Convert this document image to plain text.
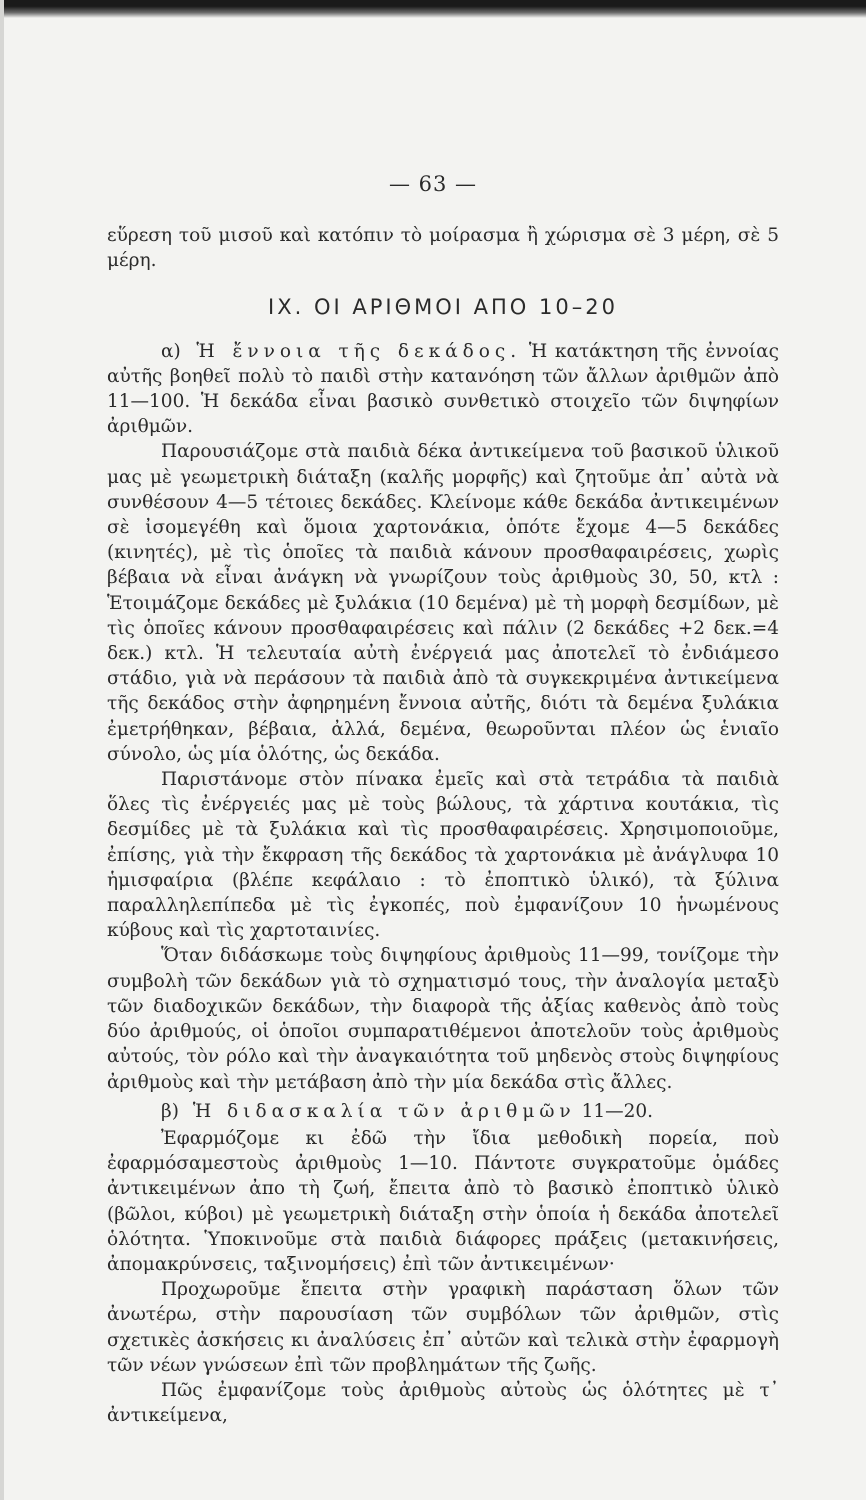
— 63 —

εὕρεση τοῦ μισοῦ καὶ κατόπιν τὸ μοίρασμα ἢ χώρισμα σὲ 3 μέρη, σὲ 5 μέρη.

IX. ΟΙ ΑΡΙΘΜΟΙ ΑΠΟ 10–20

α) Ἡ ἔννοια τῆς δεκάδος. Ἡ κατάκτηση τῆς ἐννοίας αὐτῆς βοηθεῖ πολὺ τὸ παιδὶ στὴν κατανόηση τῶν ἄλλων ἀριθμῶν ἀπὸ 11—100. Ἡ δεκάδα εἶναι βασικὸ συνθετικὸ στοιχεῖο τῶν διψηφίων ἀριθμῶν.

Παρουσιάζομε στὰ παιδιὰ δέκα ἀντικείμενα τοῦ βασικοῦ ὑλικοῦ μας μὲ γεωμετρικὴ διάταξη (καλῆς μορφῆς) καὶ ζητοῦμε ἀπ᾽ αὐτὰ νὰ συνθέσουν 4—5 τέτοιες δεκάδες. Κλείνομε κάθε δεκάδα ἀντικειμένων σὲ ἰσομεγέθη καὶ ὅμοια χαρτονάκια, ὁπότε ἔχομε 4—5 δεκάδες (κινητές), μὲ τὶς ὁποῖες τὰ παιδιὰ κάνουν προσθαφαιρέσεις, χωρὶς βέβαια νὰ εἶναι ἀνάγκη νὰ γνωρίζουν τοὺς ἀριθμοὺς 30, 50, κτλ : Ἑτοιμάζομε δεκάδες μὲ ξυλάκια (10 δεμένα) μὲ τὴ μορφὴ δεσμίδων, μὲ τὶς ὁποῖες κάνουν προσθαφαιρέσεις καὶ πάλιν (2 δεκάδες +2 δεκ.=4 δεκ.) κτλ. Ἡ τελευταία αὐτὴ ἐνέργειά μας ἀποτελεῖ τὸ ἐνδιάμεσο στάδιο, γιὰ νὰ περάσουν τὰ παιδιὰ ἀπὸ τὰ συγκεκριμένα ἀντικείμενα τῆς δεκάδος στὴν ἀφηρημένη ἔννοια αὐτῆς, διότι τὰ δεμένα ξυλάκια ἐμετρήθηκαν, βέβαια, ἀλλά, δεμένα, θεωροῦνται πλέον ὡς ἑνιαῖο σύνολο, ὡς μία ὁλότης, ὡς δεκάδα.

Παριστάνομε στὸν πίνακα ἐμεῖς καὶ στὰ τετράδια τὰ παιδιὰ ὅλες τὶς ἐνέργειές μας μὲ τοὺς βώλους, τὰ χάρτινα κουτάκια, τὶς δεσμίδες μὲ τὰ ξυλάκια καὶ τὶς προσθαφαιρέσεις. Χρησιμοποιοῦμε, ἐπίσης, γιὰ τὴν ἔκφραση τῆς δεκάδος τὰ χαρτονάκια μὲ ἀνάγλυφα 10 ἡμισφαίρια (βλέπε κεφάλαιο : τὸ ἐποπτικὸ ὑλικό), τὰ ξύλινα παραλληλεπίπεδα μὲ τὶς ἐγκοπές, ποὺ ἐμφανίζουν 10 ἡνωμένους κύβους καὶ τὶς χαρτοταινίες.

Ὅταν διδάσκωμε τοὺς διψηφίους ἀριθμοὺς 11—99, τονίζομε τὴν συμβολὴ τῶν δεκάδων γιὰ τὸ σχηματισμό τους, τὴν ἀναλογία μεταξὺ τῶν διαδοχικῶν δεκάδων, τὴν διαφορὰ τῆς ἀξίας καθενὸς ἀπὸ τοὺς δύο ἀριθμούς, οἱ ὁποῖοι συμπαρατιθέμενοι ἀποτελοῦν τοὺς ἀριθμοὺς αὐτούς, τὸν ρόλο καὶ τὴν ἀναγκαιότητα τοῦ μηδενὸς στοὺς διψηφίους ἀριθμοὺς καὶ τὴν μετάβαση ἀπὸ τὴν μία δεκάδα στὶς ἄλλες.

β) Ἡ διδασκαλία τῶν ἀριθμῶν 11—20.

Ἐφαρμόζομε κι ἐδῶ τὴν ἴδια μεθοδικὴ πορεία, ποὺ ἐφαρμόσαμεστοὺς ἀριθμοὺς 1—10. Πάντοτε συγκρατοῦμε ὁμάδες ἀντικειμένων ἀπο τὴ ζωή, ἔπειτα ἀπὸ τὸ βασικὸ ἐποπτικὸ ὑλικὸ (βῶλοι, κύβοι) μὲ γεωμετρικὴ διάταξη στὴν ὁποία ἡ δεκάδα ἀποτελεῖ ὁλότητα. Ὑποκινοῦμε στὰ παιδιὰ διάφορες πράξεις (μετακινήσεις, ἀπομακρύνσεις, ταξινομήσεις) ἐπὶ τῶν ἀντικειμένων·

Προχωροῦμε ἔπειτα στὴν γραφικὴ παράσταση ὅλων τῶν ἀνωτέρω, στὴν παρουσίαση τῶν συμβόλων τῶν ἀριθμῶν, στὶς σχετικὲς ἀσκήσεις κι ἀναλύσεις ἐπ᾽ αὐτῶν καὶ τελικὰ στὴν ἐφαρμογὴ τῶν νέων γνώσεων ἐπὶ τῶν προβλημάτων τῆς ζωῆς.

Πῶς ἐμφανίζομε τοὺς ἀριθμοὺς αὐτοὺς ὡς ὁλότητες μὲ τ᾽ ἀντικείμενα,
